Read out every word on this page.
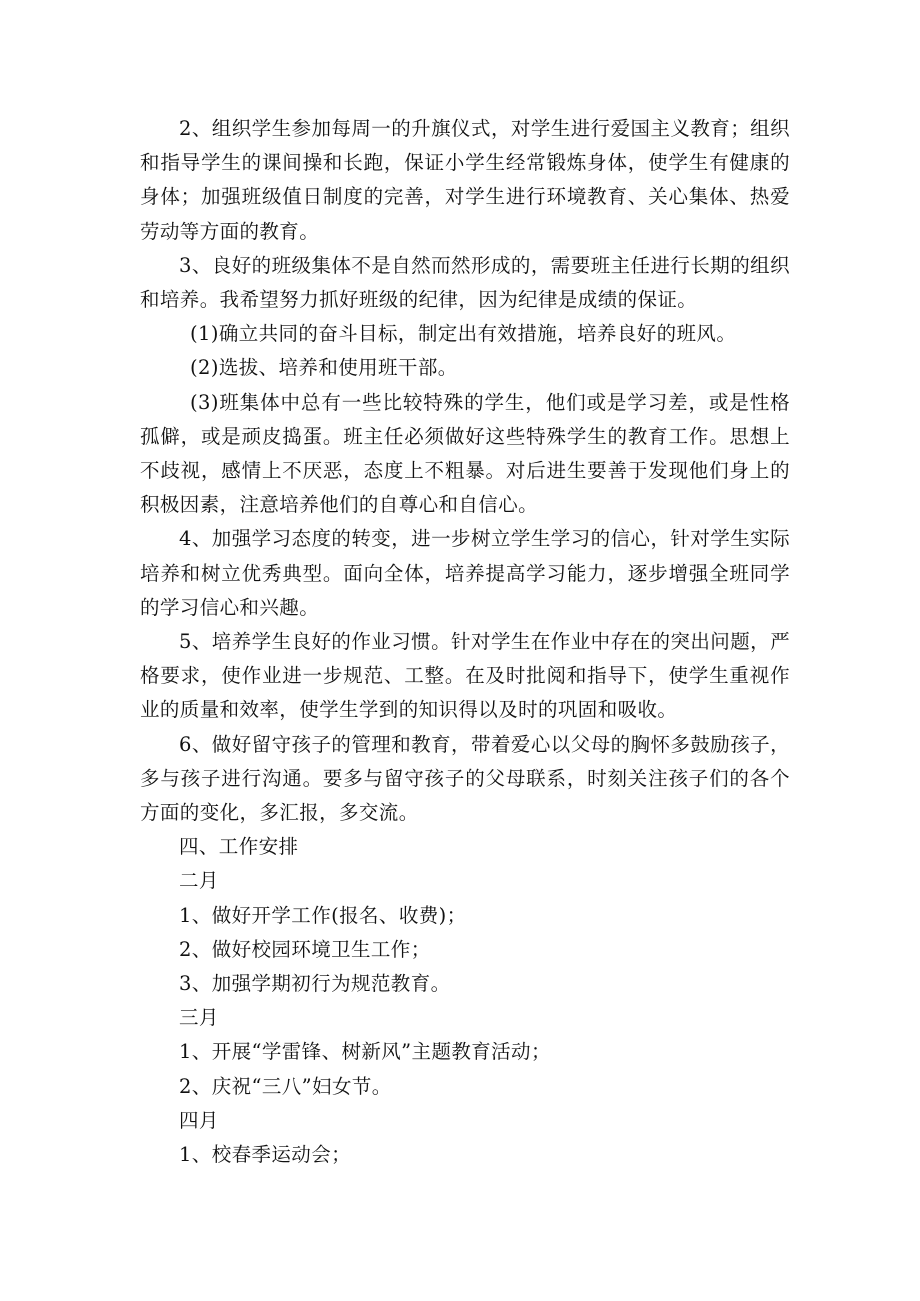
2、组织学生参加每周一的升旗仪式，对学生进行爱国主义教育；组织和指导学生的课间操和长跑，保证小学生经常锻炼身体，使学生有健康的身体；加强班级值日制度的完善，对学生进行环境教育、关心集体、热爱劳动等方面的教育。

3、良好的班级集体不是自然而然形成的，需要班主任进行长期的组织和培养。我希望努力抓好班级的纪律，因为纪律是成绩的保证。

(1)确立共同的奋斗目标，制定出有效措施，培养良好的班风。

(2)选拔、培养和使用班干部。

(3)班集体中总有一些比较特殊的学生，他们或是学习差，或是性格孤僻，或是顽皮捣蛋。班主任必须做好这些特殊学生的教育工作。思想上不歧视，感情上不厌恶，态度上不粗暴。对后进生要善于发现他们身上的积极因素，注意培养他们的自尊心和自信心。

4、加强学习态度的转变，进一步树立学生学习的信心，针对学生实际培养和树立优秀典型。面向全体，培养提高学习能力，逐步增强全班同学的学习信心和兴趣。

5、培养学生良好的作业习惯。针对学生在作业中存在的突出问题，严格要求，使作业进一步规范、工整。在及时批阅和指导下，使学生重视作业的质量和效率，使学生学到的知识得以及时的巩固和吸收。

6、做好留守孩子的管理和教育，带着爱心以父母的胸怀多鼓励孩子，多与孩子进行沟通。要多与留守孩子的父母联系，时刻关注孩子们的各个方面的变化，多汇报，多交流。

四、工作安排

二月

1、做好开学工作(报名、收费)；

2、做好校园环境卫生工作；

3、加强学期初行为规范教育。

三月

1、开展“学雷锋、树新风”主题教育活动；

2、庆祝“三八”妇女节。

四月

1、校春季运动会；
